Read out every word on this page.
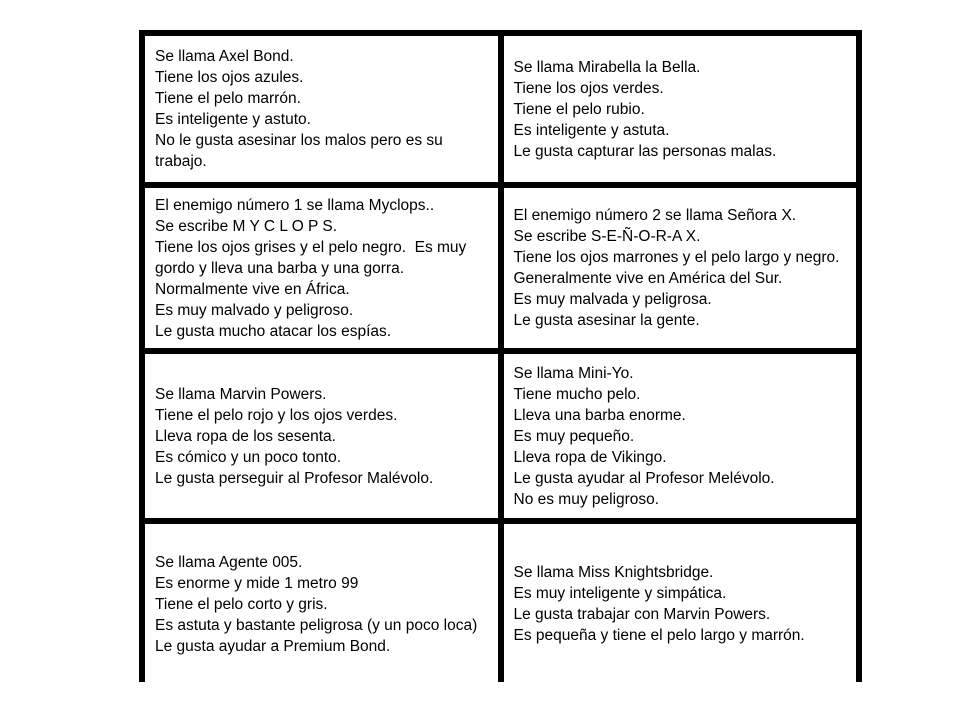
Se llama Axel Bond.
Tiene los ojos azules.
Tiene el pelo marrón.
Es inteligente y astuto.
No le gusta asesinar los malos pero es su trabajo.
Se llama Mirabella la Bella.
Tiene los ojos verdes.
Tiene el pelo rubio.
Es inteligente y astuta.
Le gusta capturar las personas malas.
El enemigo número 1 se llama Myclops..
Se escribe M Y C L O P S.
Tiene los ojos grises y el pelo negro.  Es muy gordo y lleva una barba y una gorra.
Normalmente vive en África.
Es muy malvado y peligroso.
Le gusta mucho atacar los espías.
El enemigo número 2 se llama Señora X.
Se escribe S-E-Ñ-O-R-A X.
Tiene los ojos marrones y el pelo largo y negro.
Generalmente vive en América del Sur.
Es muy malvada y peligrosa.
Le gusta asesinar la gente.
Se llama Marvin Powers.
Tiene el pelo rojo y los ojos verdes.
Lleva ropa de los sesenta.
Es cómico y un poco tonto.
Le gusta perseguir al Profesor Malévolo.
Se llama Mini-Yo.
Tiene mucho pelo.
Lleva una barba enorme.
Es muy pequeño.
Lleva ropa de Vikingo.
Le gusta ayudar al Profesor Melévolo.
No es muy peligroso.
Se llama Agente 005.
Es enorme y mide 1 metro 99
Tiene el pelo corto y gris.
Es astuta y bastante peligrosa (y un poco loca)
Le gusta ayudar a Premium Bond.
Se llama Miss Knightsbridge.
Es muy inteligente y simpática.
Le gusta trabajar con Marvin Powers.
Es pequeña y tiene el pelo largo y marrón.
